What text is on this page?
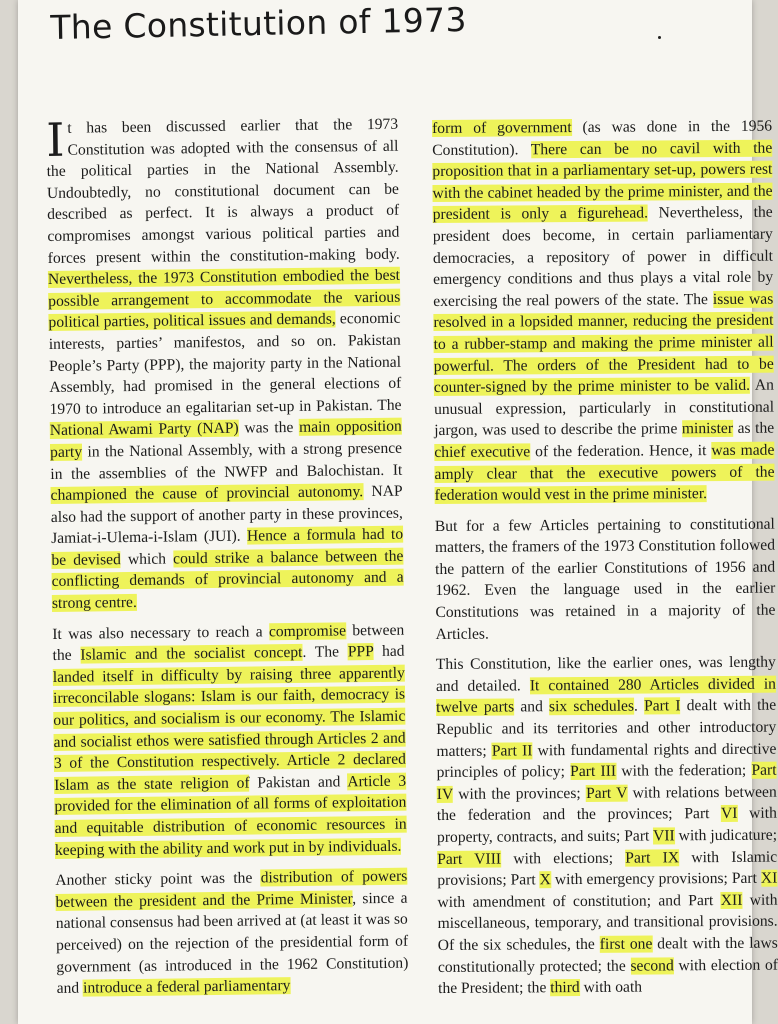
The Constitution of 1973
I t has been discussed earlier that the 1973 Constitution was adopted with the consensus of all the political parties in the National Assembly. Undoubtedly, no constitutional document can be described as perfect. It is always a product of compromises amongst various political parties and forces present within the constitution-making body. Nevertheless, the 1973 Constitution embodied the best possible arrangement to accommodate the various political parties, political issues and demands, economic interests, parties’ manifestos, and so on. Pakistan People’s Party (PPP), the majority party in the National Assembly, had promised in the general elections of 1970 to introduce an egalitarian set-up in Pakistan. The National Awami Party (NAP) was the main opposition party in the National Assembly, with a strong presence in the assemblies of the NWFP and Balochistan. It championed the cause of provincial autonomy. NAP also had the support of another party in these provinces, Jamiat-i-Ulema-i-Islam (JUI). Hence a formula had to be devised which could strike a balance between the conflicting demands of provincial autonomy and a strong centre.
It was also necessary to reach a compromise between the Islamic and the socialist concept. The PPP had landed itself in difficulty by raising three apparently irreconcilable slogans: Islam is our faith, democracy is our politics, and socialism is our economy. The Islamic and socialist ethos were satisfied through Articles 2 and 3 of the Constitution respectively. Article 2 declared Islam as the state religion of Pakistan and Article 3 provided for the elimination of all forms of exploitation and equitable distribution of economic resources in keeping with the ability and work put in by individuals.
Another sticky point was the distribution of powers between the president and the Prime Minister, since a national consensus had been arrived at (at least it was so perceived) on the rejection of the presidential form of government (as introduced in the 1962 Constitution) and introduce a federal parliamentary
form of government (as was done in the 1956 Constitution). There can be no cavil with the proposition that in a parliamentary set-up, powers rest with the cabinet headed by the prime minister, and the president is only a figurehead. Nevertheless, the president does become, in certain parliamentary democracies, a repository of power in difficult emergency conditions and thus plays a vital role by exercising the real powers of the state. The issue was resolved in a lopsided manner, reducing the president to a rubber-stamp and making the prime minister all powerful. The orders of the President had to be counter-signed by the prime minister to be valid. An unusual expression, particularly in constitutional jargon, was used to describe the prime minister as the chief executive of the federation. Hence, it was made amply clear that the executive powers of the federation would vest in the prime minister.
But for a few Articles pertaining to constitutional matters, the framers of the 1973 Constitution followed the pattern of the earlier Constitutions of 1956 and 1962. Even the language used in the earlier Constitutions was retained in a majority of the Articles.
This Constitution, like the earlier ones, was lengthy and detailed. It contained 280 Articles divided in twelve parts and six schedules. Part I dealt with the Republic and its territories and other introductory matters; Part II with fundamental rights and directive principles of policy; Part III with the federation; Part IV with the provinces; Part V with relations between the federation and the provinces; Part VI with property, contracts, and suits; Part VII with judicature; Part VIII with elections; Part IX with Islamic provisions; Part X with emergency provisions; Part XI with amendment of constitution; and Part XII with miscellaneous, temporary, and transitional provisions. Of the six schedules, the first one dealt with the laws constitutionally protected; the second with election of the President; the third with oath
